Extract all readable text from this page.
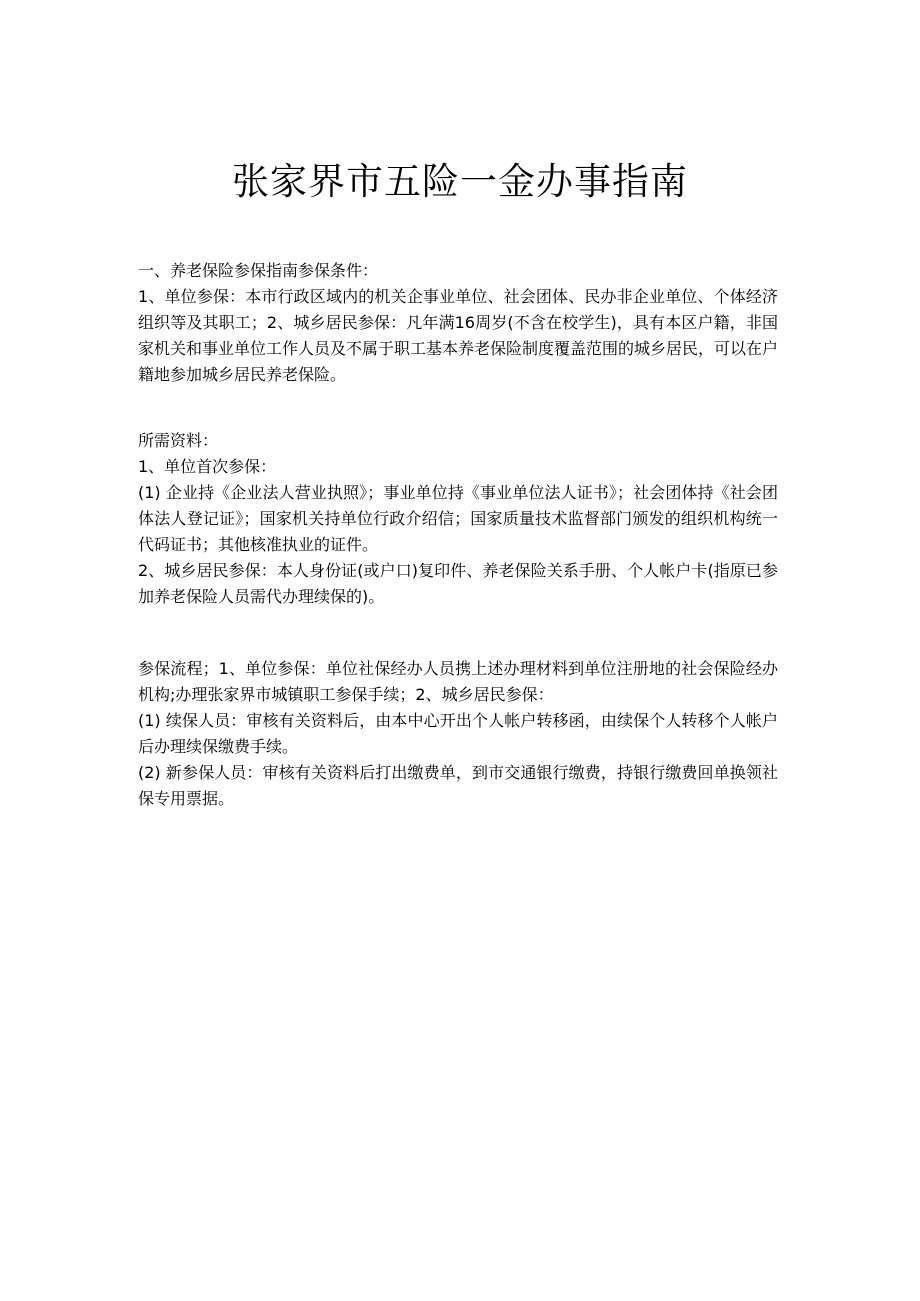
张家界市五险一金办事指南

一、养老保险参保指南参保条件：

1、单位参保：本市行政区域内的机关企事业单位、社会团体、民办非企业单位、个体经济组织等及其职工；2、城乡居民参保：凡年满16周岁(不含在校学生)，具有本区户籍，非国家机关和事业单位工作人员及不属于职工基本养老保险制度覆盖范围的城乡居民，可以在户籍地参加城乡居民养老保险。

所需资料：

1、单位首次参保：

(1) 企业持《企业法人营业执照》；事业单位持《事业单位法人证书》；社会团体持《社会团体法人登记证》；国家机关持单位行政介绍信；国家质量技术监督部门颁发的组织机构统一代码证书；其他核准执业的证件。

2、城乡居民参保：本人身份证(或户口)复印件、养老保险关系手册、个人帐户卡(指原已参加养老保险人员需代办理续保的)。

参保流程；1、单位参保：单位社保经办人员携上述办理材料到单位注册地的社会保险经办机构;办理张家界市城镇职工参保手续；2、城乡居民参保：

(1) 续保人员：审核有关资料后，由本中心开出个人帐户转移函，由续保个人转移个人帐户后办理续保缴费手续。

(2) 新参保人员：审核有关资料后打出缴费单，到市交通银行缴费，持银行缴费回单换领社保专用票据。
